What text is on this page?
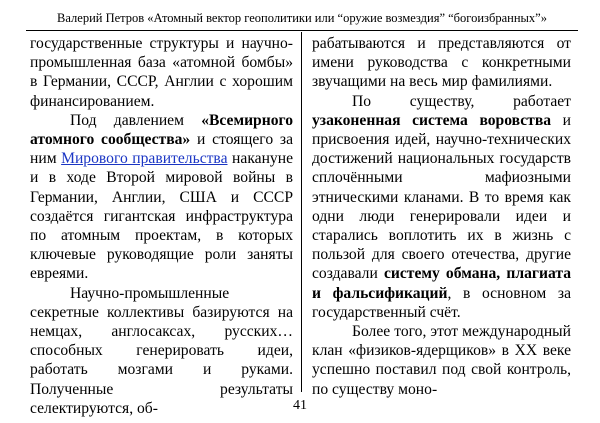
Валерий Петров «Атомный вектор геополитики или “оружие возмездия” “богоизбранных”»

государственные структуры и научно-промышленная база «атомной бомбы» в Германии, СССР, Англии с хорошим финансированием.

Под давлением «Всемирного атомного сообщества» и стоящего за ним Мирового правительства накануне и в ходе Второй мировой войны в Германии, Англии, США и СССР создаётся гигантская инфраструктура по атомным проектам, в которых ключевые руководящие роли заняты евреями.

Научно-промышленные секретные коллективы базируются на немцах, англосаксах, русских… способных генерировать идеи, работать мозгами и руками. Полученные результаты селектируются, об-

рабатываются и представляются от имени руководства с конкретными звучащими на весь мир фамилиями.

По существу, работает узаконенная система воровства и присвоения идей, научно-технических достижений национальных государств сплочёнными мафиозными этническими кланами. В то время как одни люди генерировали идеи и старались воплотить их в жизнь с пользой для своего отечества, другие создавали систему обмана, плагиата и фальсификаций, в основном за государственный счёт.

Более того, этот международный клан «физиков-ядерщиков» в XX веке успешно поставил под свой контроль, по существу моно-

41
